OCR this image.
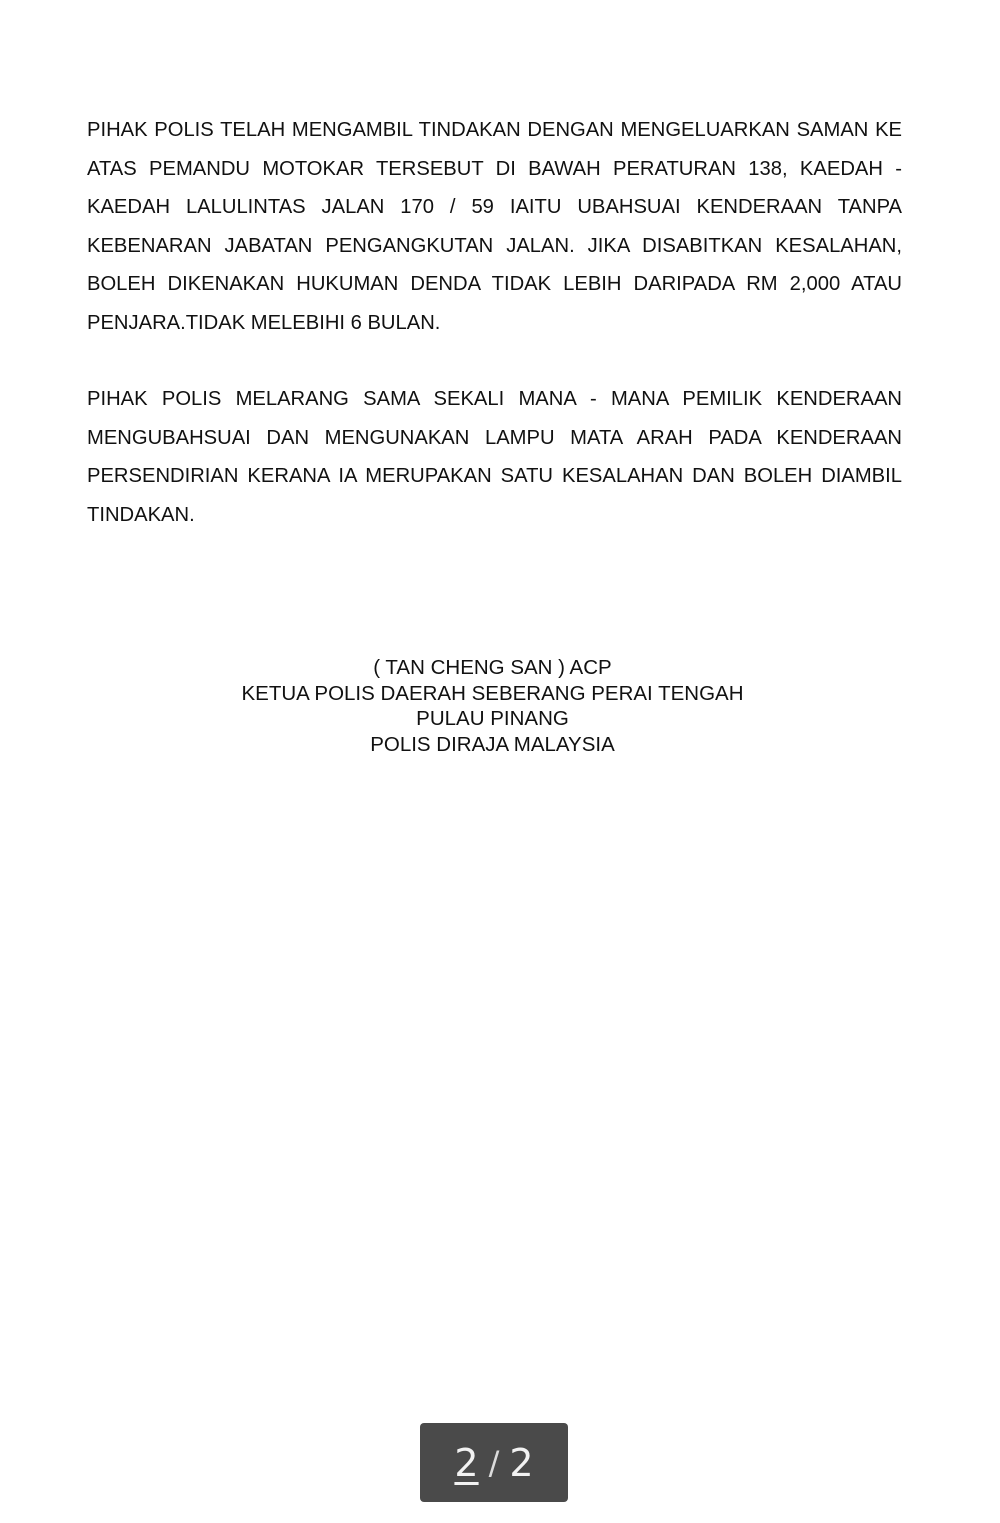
PIHAK POLIS TELAH MENGAMBIL TINDAKAN DENGAN MENGELUARKAN SAMAN KE ATAS PEMANDU MOTOKAR TERSEBUT DI BAWAH PERATURAN 138, KAEDAH - KAEDAH LALULINTAS JALAN 170 / 59 IAITU UBAHSUAI KENDERAAN TANPA KEBENARAN JABATAN PENGANGKUTAN JALAN. JIKA DISABITKAN KESALAHAN, BOLEH DIKENAKAN HUKUMAN DENDA TIDAK LEBIH DARIPADA RM 2,000 ATAU PENJARA.TIDAK MELEBIHI 6 BULAN.

PIHAK POLIS MELARANG SAMA SEKALI MANA - MANA PEMILIK KENDERAAN MENGUBAHSUAI DAN MENGUNAKAN LAMPU MATA ARAH PADA KENDERAAN PERSENDIRIAN KERANA IA MERUPAKAN SATU KESALAHAN DAN BOLEH DIAMBIL TINDAKAN.

( TAN CHENG SAN ) ACP
KETUA POLIS DAERAH SEBERANG PERAI TENGAH
PULAU PINANG
POLIS DIRAJA MALAYSIA
2 / 2
